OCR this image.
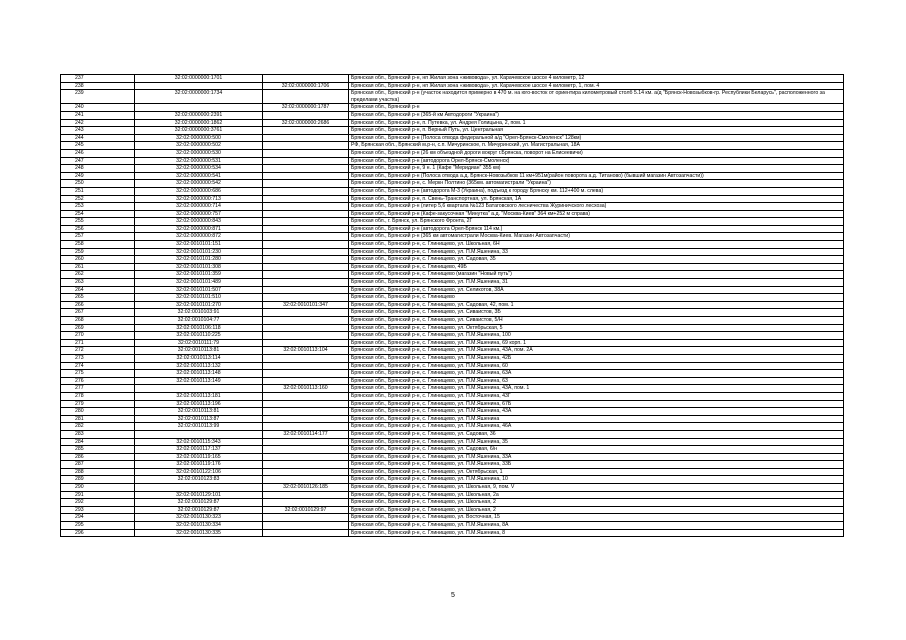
237	32:02:0000000:1701		Брянская обл., Брянский р-н, нп Жилая зона «живовода», ул. Карачевское шоссе 4 километр, 12
238		32:02:0000000:1706	Брянская обл., Брянский р-н, нп Жилая зона «живовода», ул. Карачевское шоссе 4 километр, 1, пом. 4
239	32:02:0000000:1734		Брянская обл., Брянский р-н (участок находится примерно в 470 м. на юго-восток от ориентира километровый столб 5.14 км. а/д "Брянск-Новозыбков-гр. Республики Беларусь", расположенного за пределами участка)
240		32:02:0000000:1787	Брянская обл., Брянский р-н
241	32:02:0000000:2391		Брянская обл., Брянский р-н (365-й км Автодороги "Украина")
242	32:02:0000000:1862	32:02:0000000:2686	Брянская обл., Брянский р-н, п. Путевка, ул. Андрея Голицына, 2, пом. 1
243	32:02:0000000:3761		Брянская обл., Брянский р-н, п. Верный Путь, ул. Центральная
244	32:02:0000000:500		Брянская обл., Брянский р-н (Полоса отвода федеральной а/д "Орел-Брянск-Смоленск" 128км)
245	32:02:0000000:502		РФ, Брянская обл., Брянский м.р-н, с.п. Мичуринское, п. Мичуринский, ул. Магистральная, 18А
246	32:02:0000000:530		Брянская обл., Брянский р-н (26 км объездной дороги вокруг г.Брянска, поворот на Елисеевичи)
247	32:02:0000000:531		Брянская обл., Брянский р-н (автодорога Орел-Брянск-Смоленск)
248	32:02:0000000:534		Брянская обл., Брянский р-н, 9 н. 1 (Кафе "Меридиан" 355 км)
249	32:02:0000000:541		Брянская обл., Брянский р-н (Полоса отвода а.д. Брянск-Новозыбков 11 км+951м(район поворота а.д. Титаново) (бывший магазин Автозапчасти))
250	32:02:0000000:542		Брянская обл., Брянский р-н, с. Меркн Полтино (365км. автомагистрали "Украина")
251	32:02:0000000:686		Брянская обл., Брянский р-н (автодорога М-3 (Украина), подъезд к городу Брянску км. 112+400 м. слева)
252	32:02:0000000:713		Брянская обл., Брянский р-н, п. Свень-Транспортная, ул. Брянская, 1А
253	32:02:0000000:714		Брянская обл., Брянский р-н (литер 5,6 квартала №123 Батаговского лесничества Журиничского лесхоза)
254	32:02:0000000:757		Брянская обл., Брянский р-н (Кафе-закусочная "Минутка" а.д. "Москва-Киев" 364 км+252 м справа)
255	32:02:0000000:843		Брянская обл., г. Брянск, ул. Брянского Фронта, 2Г
256	32:02:0000000:871		Брянская обл., Брянский р-н (автодорога Орел-Брянск 114 км.)
257	32:02:0000000:872		Брянская обл., Брянский р-н (365 км автомагистрали Москва-Киев. Магазин Автозапчасти)
258	32:02:0010101:151		Брянская обл., Брянский р-н, с. Глинищево, ул. Школьная, 6Н
259	32:02:0010101:230		Брянская обл., Брянский р-н, с. Глинищево, ул. П.М.Яшенина, 33
260	32:02:0010101:280		Брянская обл., Брянский р-н, с. Глинищево, ул. Садовая, 35
261	32:02:0010101:308		Брянская обл., Брянский р-н, с. Глинищево, 49Б
262	32:02:0010101:359		Брянская обл., Брянский р-н, с. Глинищево (магазин "Новый путь")
263	32:02:0010101:489		Брянская обл., Брянский р-н, с. Глинищево, ул. П.М.Яшенина, 31
264	32:02:0010101:507		Брянская обл., Брянский р-н, с. Глинищево, ул. Селикотов, 38А
265	32:02:0010101:510		Брянская обл., Брянский р-н, с. Глинищево
266	32:02:0010101:270	32:02:0010101:347	Брянская обл., Брянский р-н, с. Глинищево, ул. Садовая, 42, пом. 1
267	32:02:0010103:91		Брянская обл., Брянский р-н, с. Глинищево, ул. Сиваистов, 3Б
268	32:02:0010104:77		Брянская обл., Брянский р-н, с. Глинищево, ул. Сиваистов, 5/Н
269	32:02:0010106:118		Брянская обл., Брянский р-н, с. Глинищево, ул. Октябрьская, 5
270	32:02:0010110:225		Брянская обл., Брянский р-н, с. Глинищево, ул. П.М.Яшенина, 100
271	32:02:0010111:79		Брянская обл., Брянский р-н, с. Глинищево, ул. П.М.Яшенина, 69 корп. 1
272	32:02:0010113:81	32:02:0010113:104	Брянская обл., Брянский р-н, с. Глинищево, ул. П.М.Яшенина, 43А, пом. 2А
273	32:02:0010113:114		Брянская обл., Брянский р-н, с. Глинищево, ул. П.М.Яшенина, 42Б
274	32:02:0010113:132		Брянская обл., Брянский р-н, с. Глинищево, ул. П.М.Яшенина, 60
275	32:02:0010113:148		Брянская обл., Брянский р-н, с. Глинищево, ул. П.М.Яшенина, 63А
276	32:02:0010113:149		Брянская обл., Брянский р-н, с. Глинищево, ул. П.М.Яшенина, 63
277		32:02:0010113:160	Брянская обл., Брянский р-н, с. Глинищево, ул. П.М.Яшенина, 43А, пом. 1
278	32:02:0010113:181		Брянская обл., Брянский р-н, с. Глинищево, ул. П.М.Яшенина, 43Г
279	32:02:0010113:196		Брянская обл., Брянский р-н, с. Глинищево, ул. П.М.Яшенина, 67Б
280	32:02:0010113:81		Брянская обл., Брянский р-н, с. Глинищево, ул. П.М.Яшенина, 43А
281	32:02:0010113:87		Брянская обл., Брянский р-н, с. Глинищево, ул. П.М.Яшенина
282	32:02:0010113:99		Брянская обл., Брянский р-н, с. Глинищево, ул. П.М.Яшенина, 46А
283		32:02:0010114:177	Брянская обл., Брянский р-н, с. Глинищево, ул. Садовая, 36
284	32:02:0010115:343		Брянская обл., Брянский р-н, с. Глинищево, ул. П.М.Яшенина, 35
285	32:02:0010117:137		Брянская обл., Брянский р-н, с. Глинищево, ул. Садовая, 6/н
286	32:02:0010119:165		Брянская обл., Брянский р-н, с. Глинищево, ул. П.М.Яшенина, 33А
287	32:02:0010119:176		Брянская обл., Брянский р-н, с. Глинищево, ул. П.М.Яшенина, 33Б
288	32:02:0010122:106		Брянская обл., Брянский р-н, с. Глинищево, ул. Октябрьская, 1
289	32:02:0010123:83		Брянская обл., Брянский р-н, с. Глинищево, ул. П.М.Яшенина, 10
290		32:02:0010126:185	Брянская обл., Брянский р-н, с. Глинищево, ул. Школьная, 9, пом. V
291	32:02:0010129:101		Брянская обл., Брянский р-н, с. Глинищево, ул. Школьная, 2а
292	32:02:0010129:87		Брянская обл., Брянский р-н, с. Глинищево, ул. Школьная, 2
293	32:02:0010129:87	32:02:0010129:97	Брянская обл., Брянский р-н, с. Глинищево, ул. Школьная, 2
294	32:02:0010130:323		Брянская обл., Брянский р-н, с. Глинищево, ул. Восточная, 15
295	32:02:0010130:334		Брянская обл., Брянский р-н, с. Глинищево, ул. П.М.Яшенина, 8А
296	32:02:0010130:335		Брянская обл., Брянский р-н, с. Глинищево, ул. П.М.Яшенина, 8
5
